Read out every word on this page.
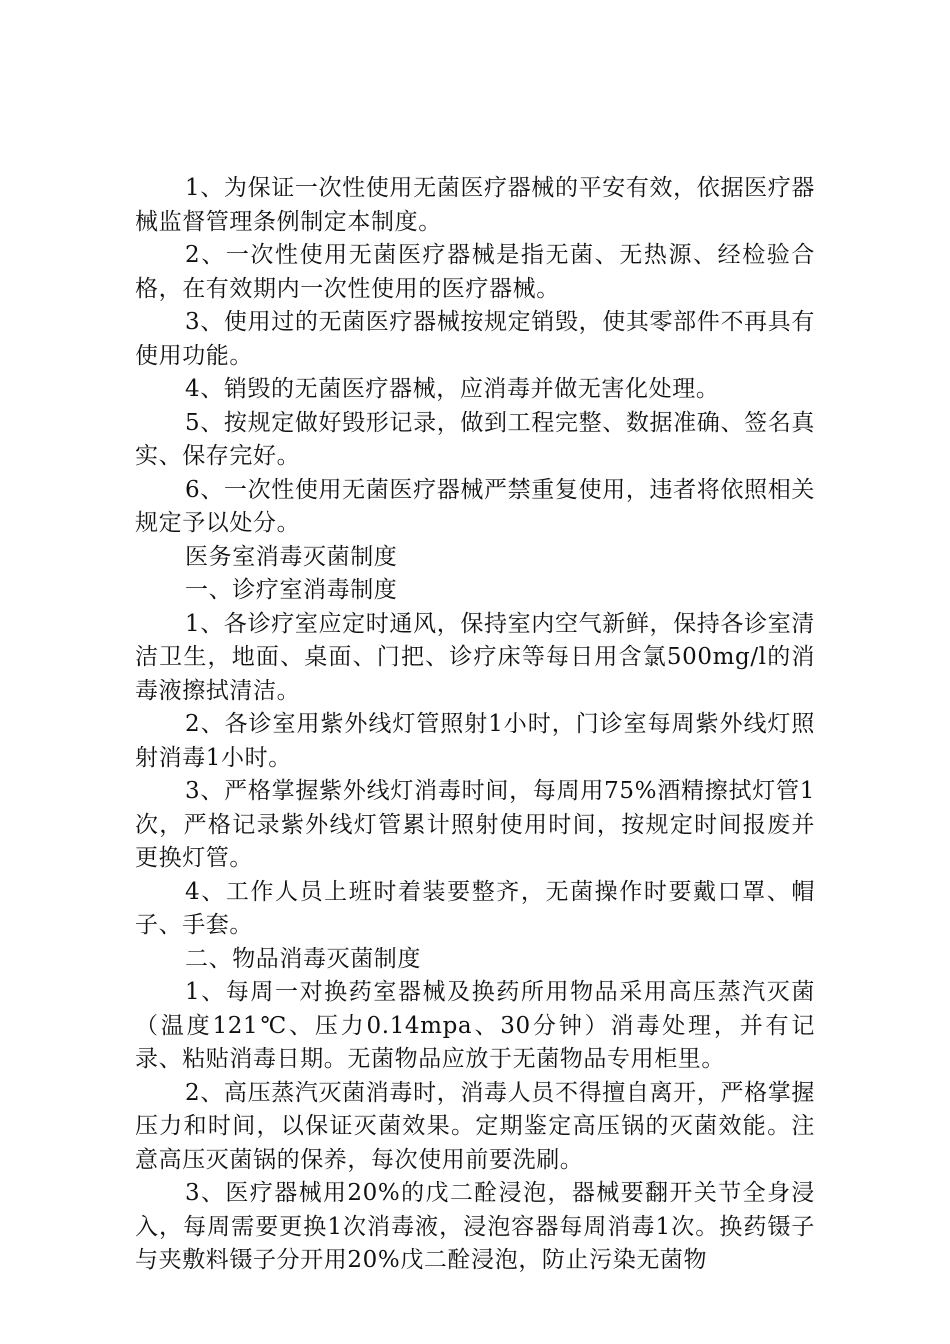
1、为保证一次性使用无菌医疗器械的平安有效，依据医疗器械监督管理条例制定本制度。

2、一次性使用无菌医疗器械是指无菌、无热源、经检验合格，在有效期内一次性使用的医疗器械。

3、使用过的无菌医疗器械按规定销毁，使其零部件不再具有使用功能。

4、销毁的无菌医疗器械，应消毒并做无害化处理。

5、按规定做好毁形记录，做到工程完整、数据准确、签名真实、保存完好。

6、一次性使用无菌医疗器械严禁重复使用，违者将依照相关规定予以处分。

医务室消毒灭菌制度

一、诊疗室消毒制度

1、各诊疗室应定时通风，保持室内空气新鲜，保持各诊室清洁卫生，地面、桌面、门把、诊疗床等每日用含氯500mg/l的消毒液擦拭清洁。

2、各诊室用紫外线灯管照射1小时，门诊室每周紫外线灯照射消毒1小时。

3、严格掌握紫外线灯消毒时间，每周用75%酒精擦拭灯管1次，严格记录紫外线灯管累计照射使用时间，按规定时间报废并更换灯管。

4、工作人员上班时着装要整齐，无菌操作时要戴口罩、帽子、手套。

二、物品消毒灭菌制度

1、每周一对换药室器械及换药所用物品采用高压蒸汽灭菌（温度121℃、压力0.14mpa、30分钟）消毒处理，并有记录、粘贴消毒日期。无菌物品应放于无菌物品专用柜里。

2、高压蒸汽灭菌消毒时，消毒人员不得擅自离开，严格掌握压力和时间，以保证灭菌效果。定期鉴定高压锅的灭菌效能。注意高压灭菌锅的保养，每次使用前要洗刷。

3、医疗器械用20%的戊二酫浸泡，器械要翻开关节全身浸入，每周需要更换1次消毒液，浸泡容器每周消毒1次。换药镊子与夹敷料镊子分开用20%戊二酫浸泡，防止污染无菌物
